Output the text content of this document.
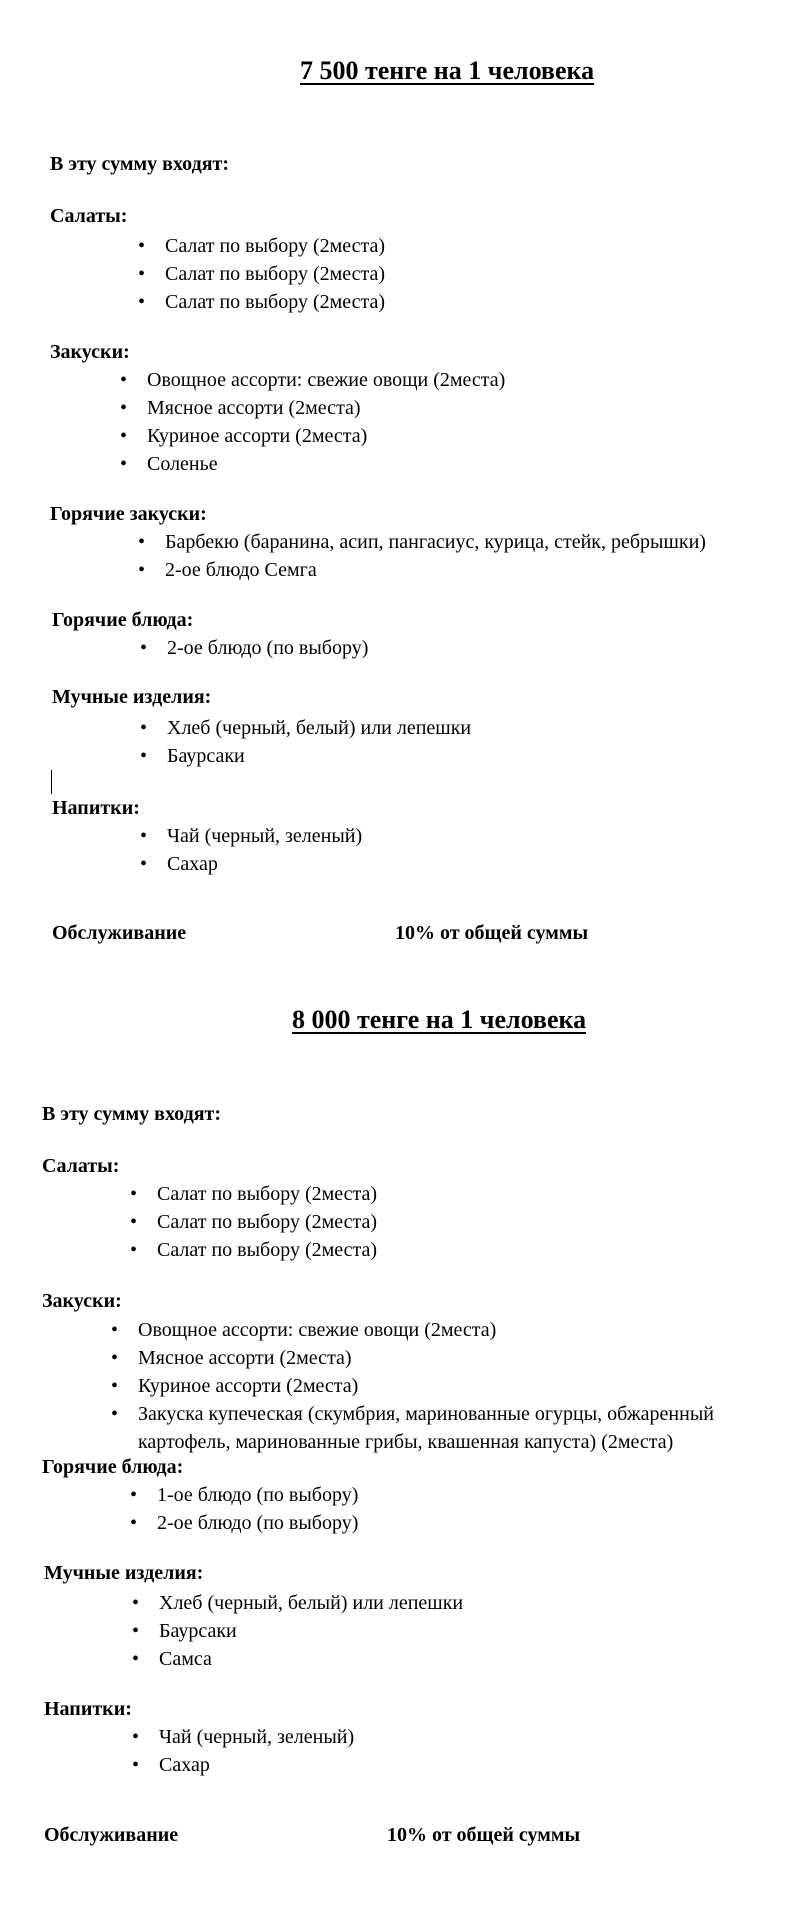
7 500 тенге на 1 человека
В эту сумму входят:
Салаты:
• Салат по выбору (2места)
• Салат по выбору (2места)
• Салат по выбору (2места)
Закуски:
• Овощное ассорти: свежие овощи (2места)
• Мясное ассорти (2места)
• Куриное ассорти (2места)
• Соленье
Горячие закуски:
• Барбекю (баранина, асип, пангасиус, курица, стейк, ребрышки)
• 2-ое блюдо Семга
Горячие блюда:
• 2-ое блюдо (по выбору)
Мучные изделия:
• Хлеб (черный, белый) или лепешки
• Баурсаки
Напитки:
• Чай (черный, зеленый)
• Сахар
Обслуживание	10% от общей суммы
8 000 тенге на 1 человека
В эту сумму входят:
Салаты:
• Салат по выбору (2места)
• Салат по выбору (2места)
• Салат по выбору (2места)
Закуски:
• Овощное ассорти: свежие овощи (2места)
• Мясное ассорти (2места)
• Куриное ассорти (2места)
• Закуска купеческая (скумбрия, маринованные огурцы, обжаренный
картофель, маринованные грибы, квашенная капуста) (2места)
Горячие блюда:
• 1-ое блюдо (по выбору)
• 2-ое блюдо (по выбору)
Мучные изделия:
• Хлеб (черный, белый) или лепешки
• Баурсаки
• Самса
Напитки:
• Чай (черный, зеленый)
• Сахар
Обслуживание	10% от общей суммы
